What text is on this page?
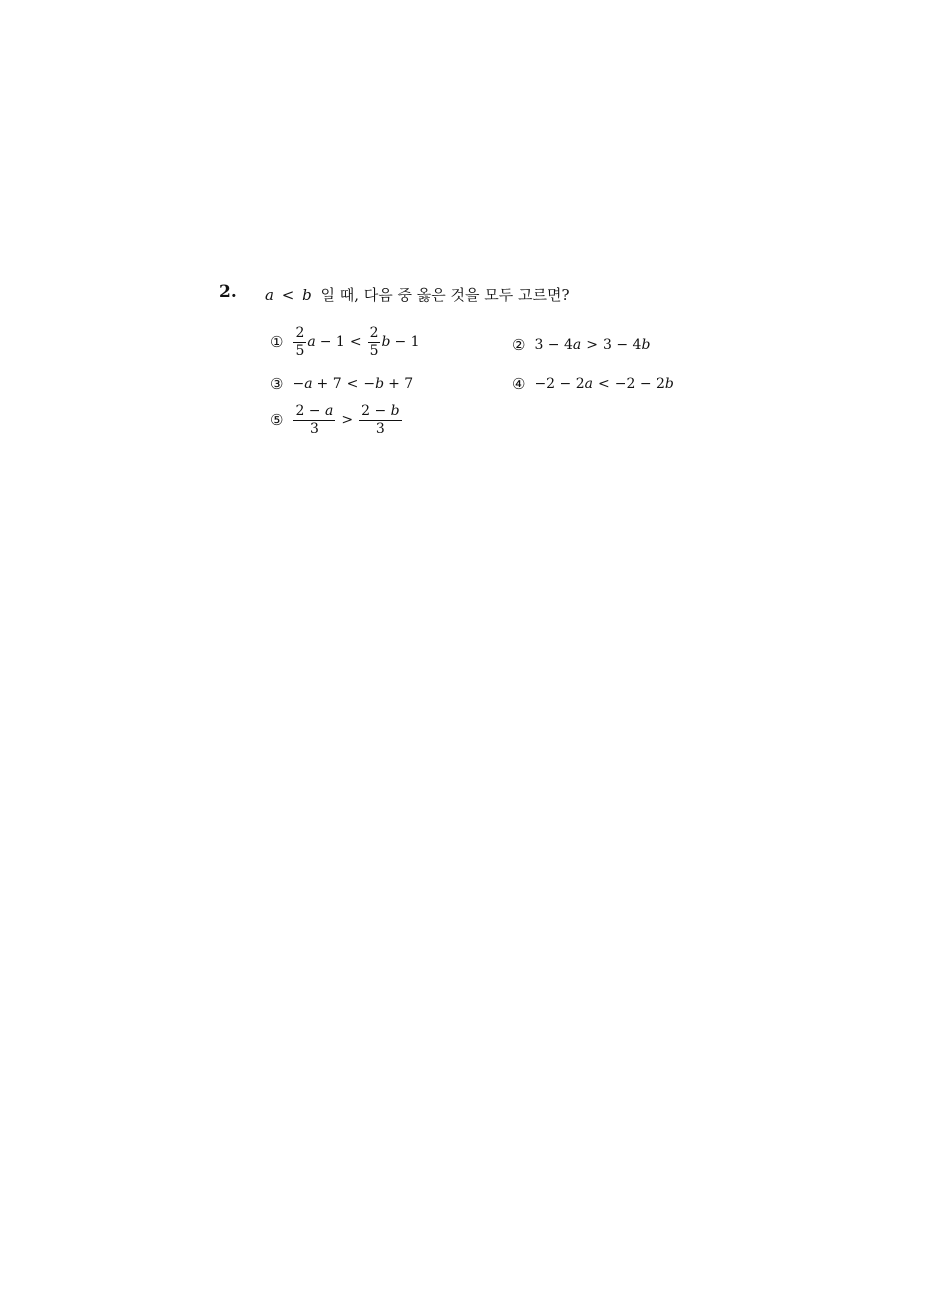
2. a < b 일 때, 다음 중 옳은 것을 모두 고르면?
① $\frac{2}{5}$ $a - 1 < \frac{2}{5}$ b − 1	② 3 − 4 a > 3 − 4 b
③ − a + 7 < − b + 7	④ −2 − 2 a < −2 − 2 b
⑤ $\frac{2 - a}{3} > \frac{2 - b}{3}$
